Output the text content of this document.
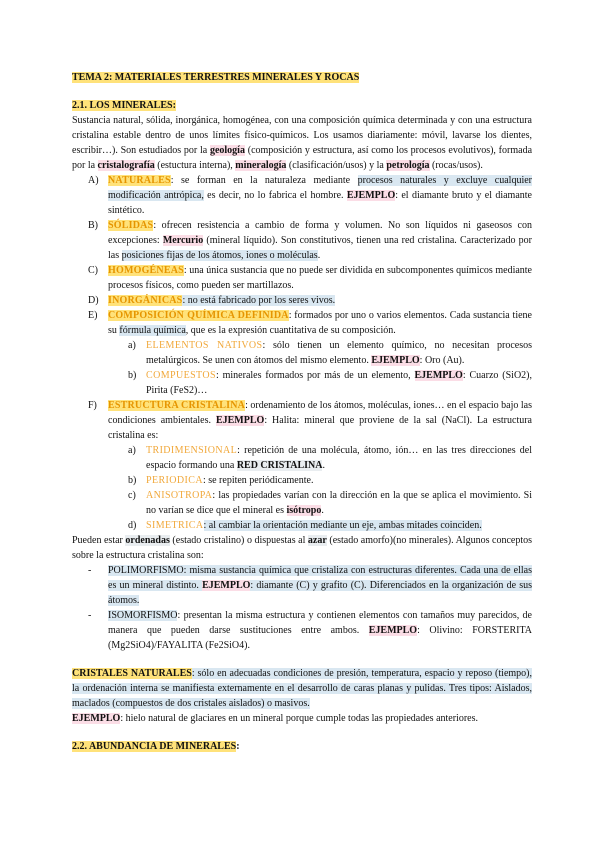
TEMA 2: MATERIALES TERRESTRES MINERALES Y ROCAS

2.1. LOS MINERALES:

Sustancia natural, sólida, inorgánica, homogénea, con una composición química determinada y con una estructura cristalina estable dentro de unos límites físico-químicos. Los usamos diariamente: móvil, lavarse los dientes, escribir…). Son estudiados por la geología (composición y estructura, así como los procesos evolutivos), formada por la cristalografía (estuctura interna), mineralogía (clasificación/usos) y la petrología (rocas/usos).

A) NATURALES: se forman en la naturaleza mediante procesos naturales y excluye cualquier modificación antrópica, es decir, no lo fabrica el hombre. EJEMPLO: el diamante bruto y el diamante sintético.
B)	SÓLIDAS: ofrecen resistencia a cambio de forma y volumen. No son líquidos ni gaseosos con excepciones: Mercurio (mineral líquido). Son constitutivos, tienen una red cristalina. Caracterizado por las posiciones fijas de los átomos, iones o moléculas.
C)	HOMOGÉNEAS: una única sustancia que no puede ser dividida en subcomponentes químicos mediante procesos físicos, como pueden ser martillazos.
D) INORGÁNICAS: no está fabricado por los seres vivos.
E)	COMPOSICIÓN QUÍMICA DEFINIDA: formados por uno o varios elementos. Cada sustancia tiene su fórmula química, que es la expresión cuantitativa de su composición.
a)	ELEMENTOS NATIVOS: sólo tienen un elemento químico, no necesitan procesos metalúrgicos. Se unen con átomos del mismo elemento. EJEMPLO: Oro (Au).
b) COMPUESTOS: minerales formados por más de un elemento, EJEMPLO: Cuarzo (SiO2), Pirita (FeS2)…
F)	ESTRUCTURA CRISTALINA: ordenamiento de los átomos, moléculas, iones… en el espacio bajo las condiciones ambientales. EJEMPLO: Halita: mineral que proviene de la sal (NaCl). La estructura cristalina es:
a)	TRIDIMENSIONAL: repetición de una molécula, átomo, ión… en las tres direcciones del espacio formando una RED CRISTALINA.
b) PERIODICA: se repiten periódicamente.
c)	ANISOTROPA: las propiedades varían con la dirección en la que se aplica el movimiento. Si no varían se dice que el mineral es isótropo.
d) SIMETRICA: al cambiar la orientación mediante un eje, ambas mitades coinciden.

Pueden estar ordenadas (estado cristalino) o dispuestas al azar (estado amorfo)(no minerales). Algunos conceptos sobre la estructura cristalina son:

-	POLIMORFISMO: misma sustancia química que cristaliza con estructuras diferentes. Cada una de ellas es un mineral distinto. EJEMPLO: diamante (C) y grafito (C). Diferenciados en la organización de sus átomos.
-	ISOMORFISMO: presentan la misma estructura y contienen elementos con tamaños muy parecidos, de manera que pueden darse sustituciones entre ambos. EJEMPLO: Olivino: FORSTERITA (Mg2SiO4)/FAYALITA (Fe2SiO4).

CRISTALES NATURALES: sólo en adecuadas condiciones de presión, temperatura, espacio y reposo (tiempo), la ordenación interna se manifiesta externamente en el desarrollo de caras planas y pulidas. Tres tipos: Aislados, maclados (compuestos de dos cristales aislados) o masivos.

EJEMPLO: hielo natural de glaciares en un mineral porque cumple todas las propiedades anteriores.

2.2. ABUNDANCIA DE MINERALES:
